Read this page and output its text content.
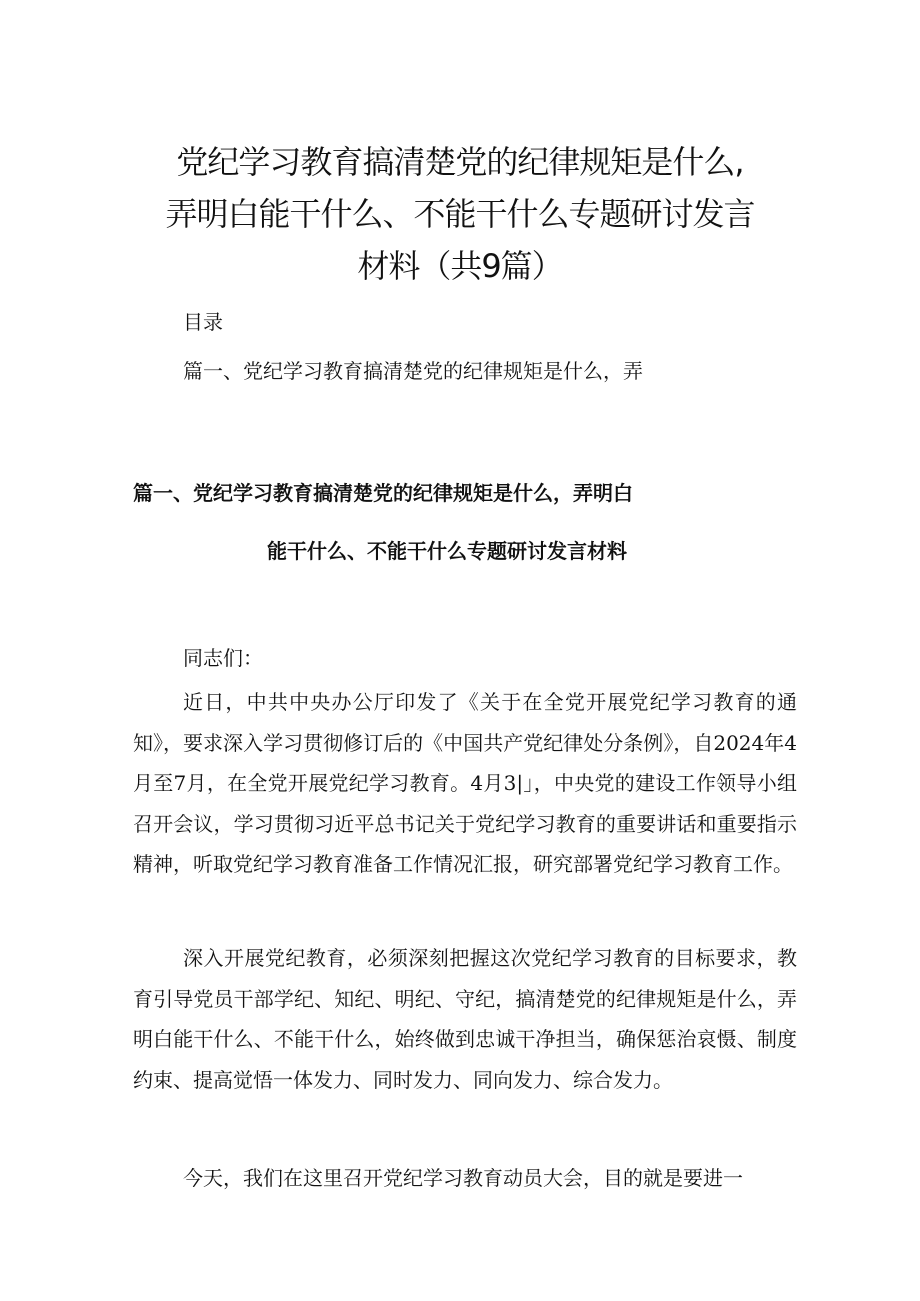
党纪学习教育搞清楚党的纪律规矩是什么,
弄明白能干什么、不能干什么专题研讨发言
材料（共9篇）
目录
篇一、党纪学习教育搞清楚党的纪律规矩是什么，弄
篇一、党纪学习教育搞清楚党的纪律规矩是什么，弄明白
能干什么、不能干什么专题研讨发言材料
同志们：

近日，中共中央办公厅印发了《关于在全党开展党纪学习教育的通知》，要求深入学习贯彻修订后的《中国共产党纪律处分条例》，自2024年4月至7月，在全党开展党纪学习教育。4月3|」，中央党的建设工作领导小组召开会议，学习贯彻习近平总书记关于党纪学习教育的重要讲话和重要指示精神，听取党纪学习教育准备工作情况汇报，研究部署党纪学习教育工作。

深入开展党纪教育，必须深刻把握这次党纪学习教育的目标要求，教育引导党员干部学纪、知纪、明纪、守纪，搞清楚党的纪律规矩是什么，弄明白能干什么、不能干什么，始终做到忠诚干净担当，确保惩治哀慑、制度约束、提高觉悟一体发力、同时发力、同向发力、综合发力。

今天，我们在这里召开党纪学习教育动员大会，目的就是要进一
